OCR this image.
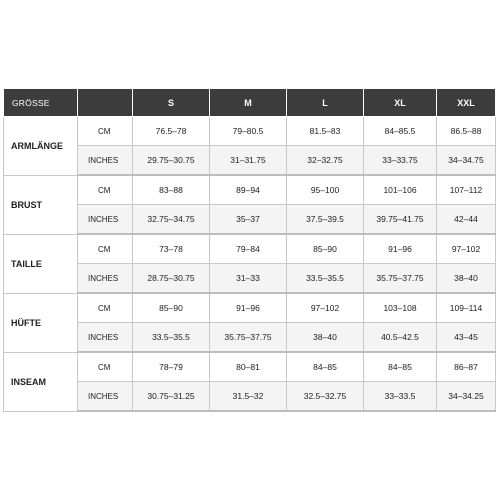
GRÖSSE		S	M	L	XL	XXL
ARMLÄNGE	CM	76.5–78	79–80.5	81.5–83	84–85.5	86.5–88
	INCHES	29.75–30.75	31–31.75	32–32.75	33–33.75	34–34.75
BRUST	CM	83–88	89–94	95–100	101–106	107–112
	INCHES	32.75–34.75	35–37	37.5–39.5	39.75–41.75	42–44
TAILLE	CM	73–78	79–84	85–90	91–96	97–102
	INCHES	28.75–30.75	31–33	33.5–35.5	35.75–37.75	38–40
HÜFTE	CM	85–90	91–96	97–102	103–108	109–114
	INCHES	33.5–35.5	35.75–37.75	38–40	40.5–42.5	43–45
INSEAM	CM	78–79	80–81	84–85	84–85	86–87
	INCHES	30.75–31.25	31.5–32	32.5–32.75	33–33.5	34–34.25
